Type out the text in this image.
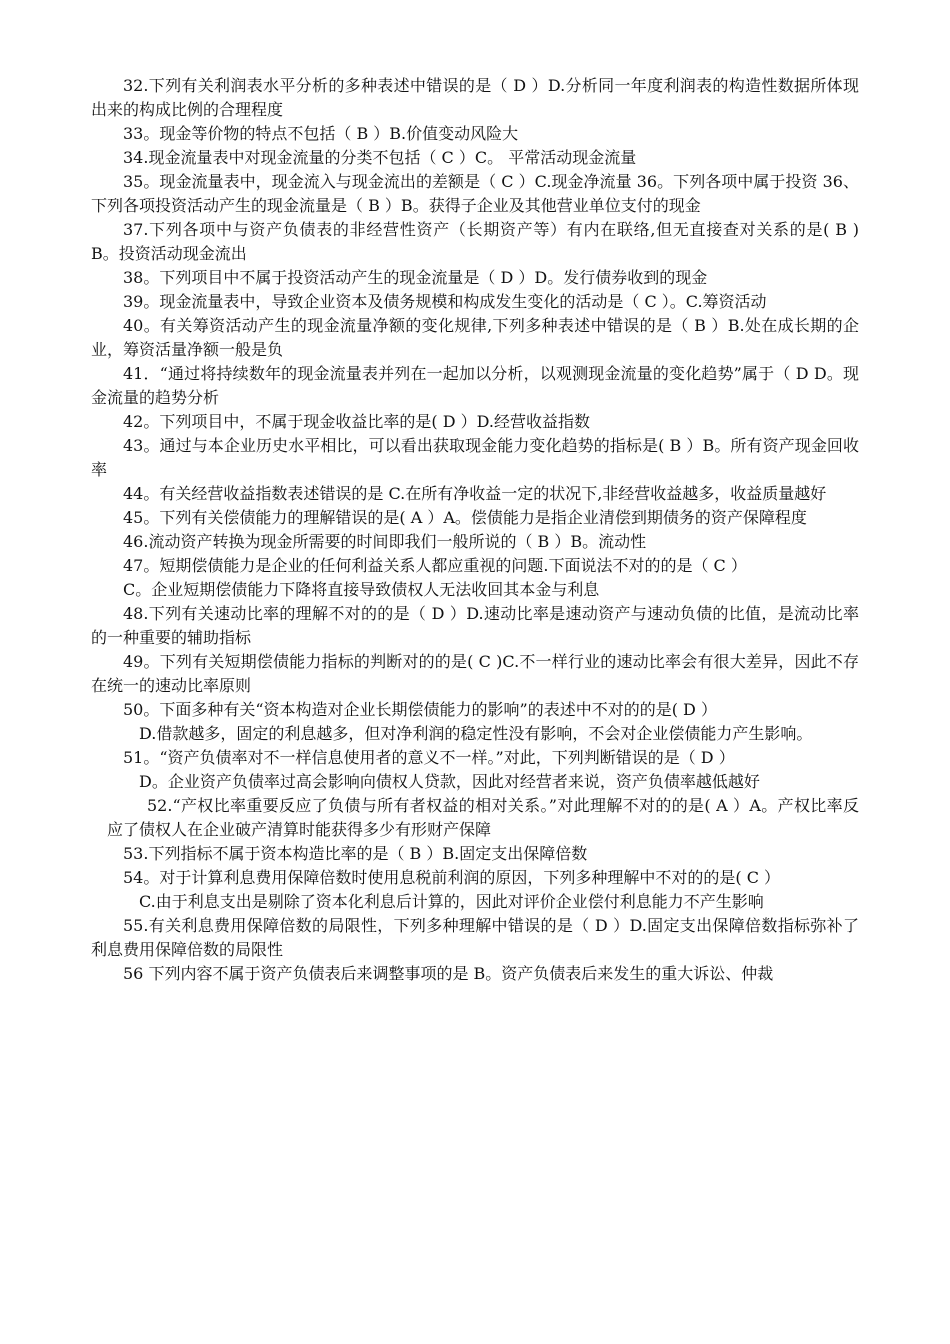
32.下列有关利润表水平分析的多种表述中错误的是（ D ）D.分析同一年度利润表的构造性数据所体现出来的构成比例的合理程度

33。现金等价物的特点不包括（ B ）B.价值变动风险大

34.现金流量表中对现金流量的分类不包括（ C ）C。 平常活动现金流量

35。现金流量表中，现金流入与现金流出的差额是（ C ）C.现金净流量 36。下列各项中属于投资 36、下列各项投资活动产生的现金流量是（ B ）B。获得子企业及其他营业单位支付的现金

37.下列各项中与资产负债表的非经营性资产（长期资产等）有内在联络,但无直接查对关系的是( B ) B。投资活动现金流出

38。下列项目中不属于投资活动产生的现金流量是（ D ）D。发行债券收到的现金

39。现金流量表中，导致企业资本及债务规模和构成发生变化的活动是（ C ）。C.筹资活动

40。有关筹资活动产生的现金流量净额的变化规律,下列多种表述中错误的是（ B ）B.处在成长期的企业，筹资活量净额一般是负

41．“通过将持续数年的现金流量表并列在一起加以分析，以观测现金流量的变化趋势”属于（ D D。现金流量的趋势分析

42。下列项目中，不属于现金收益比率的是( D ）D.经营收益指数

43。通过与本企业历史水平相比，可以看出获取现金能力变化趋势的指标是( B ）B。所有资产现金回收率

44。有关经营收益指数表述错误的是 C.在所有净收益一定的状况下,非经营收益越多，收益质量越好

45。下列有关偿债能力的理解错误的是( A ）A。偿债能力是指企业清偿到期债务的资产保障程度

46.流动资产转换为现金所需要的时间即我们一般所说的（ B ）B。流动性

47。短期偿债能力是企业的任何利益关系人都应重视的问题.下面说法不对的的是（ C ）

C。企业短期偿债能力下降将直接导致债权人无法收回其本金与利息

48.下列有关速动比率的理解不对的的是（ D ）D.速动比率是速动资产与速动负债的比值，是流动比率的一种重要的辅助指标

49。下列有关短期偿债能力指标的判断对的的是( C )C.不一样行业的速动比率会有很大差异，因此不存在统一的速动比率原则

50。下面多种有关“资本构造对企业长期偿债能力的影响”的表述中不对的的是( D ）

D.借款越多，固定的利息越多，但对净利润的稳定性没有影响，不会对企业偿债能力产生影响。

51。“资产负债率对不一样信息使用者的意义不一样。”对此，下列判断错误的是（ D ）

D。企业资产负债率过高会影响向债权人贷款，因此对经营者来说，资产负债率越低越好

52.“产权比率重要反应了负债与所有者权益的相对关系。”对此理解不对的的是( A ）A。产权比率反应了债权人在企业破产清算时能获得多少有形财产保障

53.下列指标不属于资本构造比率的是（ B ）B.固定支出保障倍数

54。对于计算利息费用保障倍数时使用息税前利润的原因，下列多种理解中不对的的是( C ）

C.由于利息支出是剔除了资本化利息后计算的，因此对评价企业偿付利息能力不产生影响

55.有关利息费用保障倍数的局限性，下列多种理解中错误的是（ D ）D.固定支出保障倍数指标弥补了利息费用保障倍数的局限性

56 下列内容不属于资产负债表后来调整事项的是 B。资产负债表后来发生的重大诉讼、仲裁
